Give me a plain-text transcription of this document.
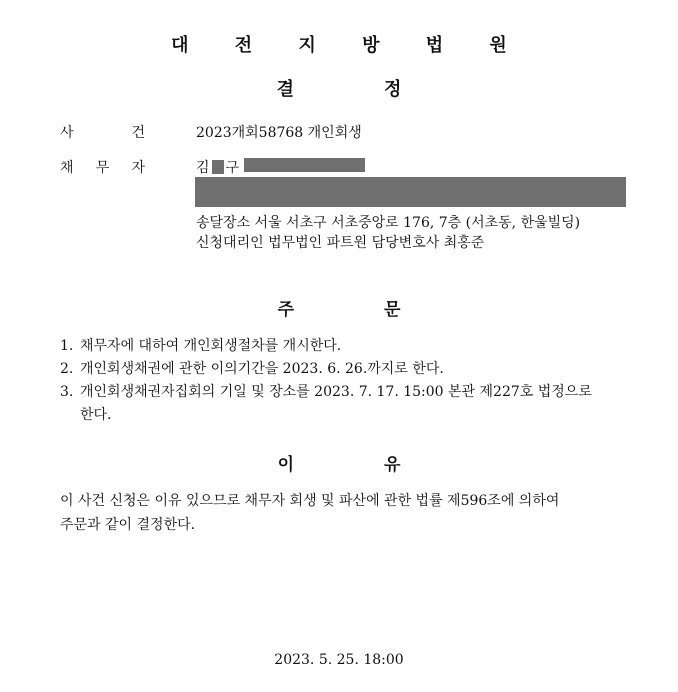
대 전 지 방 법 원
결	정
사	건	2023개회58768 개인회생
채 무 자	김 구
송달장소 서울 서초구 서초중앙로 176, 7층 (서초동, 한울빌딩)
신청대리인 법무법인 파트원 담당변호사 최홍준
주	문
1. 채무자에 대하여 개인회생절차를 개시한다.
2. 개인회생채권에 관한 이의기간을 2023. 6. 26.까지로 한다.
3. 개인회생채권자집회의 기일 및 장소를 2023. 7. 17. 15:00 본관 제227호 법정으로
한다.
이	유
이 사건 신청은 이유 있으므로 채무자 회생 및 파산에 관한 법률 제596조에 의하여
주문과 같이 결정한다.
2023. 5. 25. 18:00
